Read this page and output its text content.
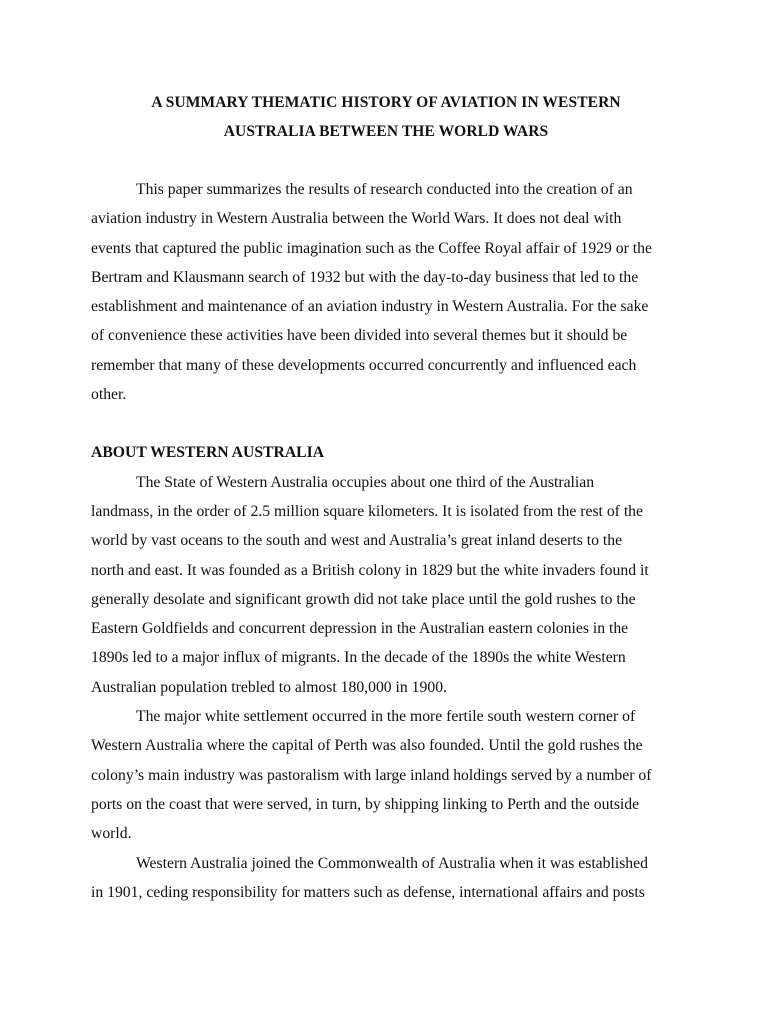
A SUMMARY THEMATIC HISTORY OF AVIATION IN WESTERN
AUSTRALIA BETWEEN THE WORLD WARS

This paper summarizes the results of research conducted into the creation of an
aviation industry in Western Australia between the World Wars. It does not deal with
events that captured the public imagination such as the Coffee Royal affair of 1929 or the
Bertram and Klausmann search of 1932 but with the day-to-day business that led to the
establishment and maintenance of an aviation industry in Western Australia. For the sake
of convenience these activities have been divided into several themes but it should be
remember that many of these developments occurred concurrently and influenced each
other.

ABOUT WESTERN AUSTRALIA

The State of Western Australia occupies about one third of the Australian
landmass, in the order of 2.5 million square kilometers. It is isolated from the rest of the
world by vast oceans to the south and west and Australia’s great inland deserts to the
north and east. It was founded as a British colony in 1829 but the white invaders found it
generally desolate and significant growth did not take place until the gold rushes to the
Eastern Goldfields and concurrent depression in the Australian eastern colonies in the
1890s led to a major influx of migrants. In the decade of the 1890s the white Western
Australian population trebled to almost 180,000 in 1900.

The major white settlement occurred in the more fertile south western corner of
Western Australia where the capital of Perth was also founded. Until the gold rushes the
colony’s main industry was pastoralism with large inland holdings served by a number of
ports on the coast that were served, in turn, by shipping linking to Perth and the outside
world.

Western Australia joined the Commonwealth of Australia when it was established
in 1901, ceding responsibility for matters such as defense, international affairs and posts
